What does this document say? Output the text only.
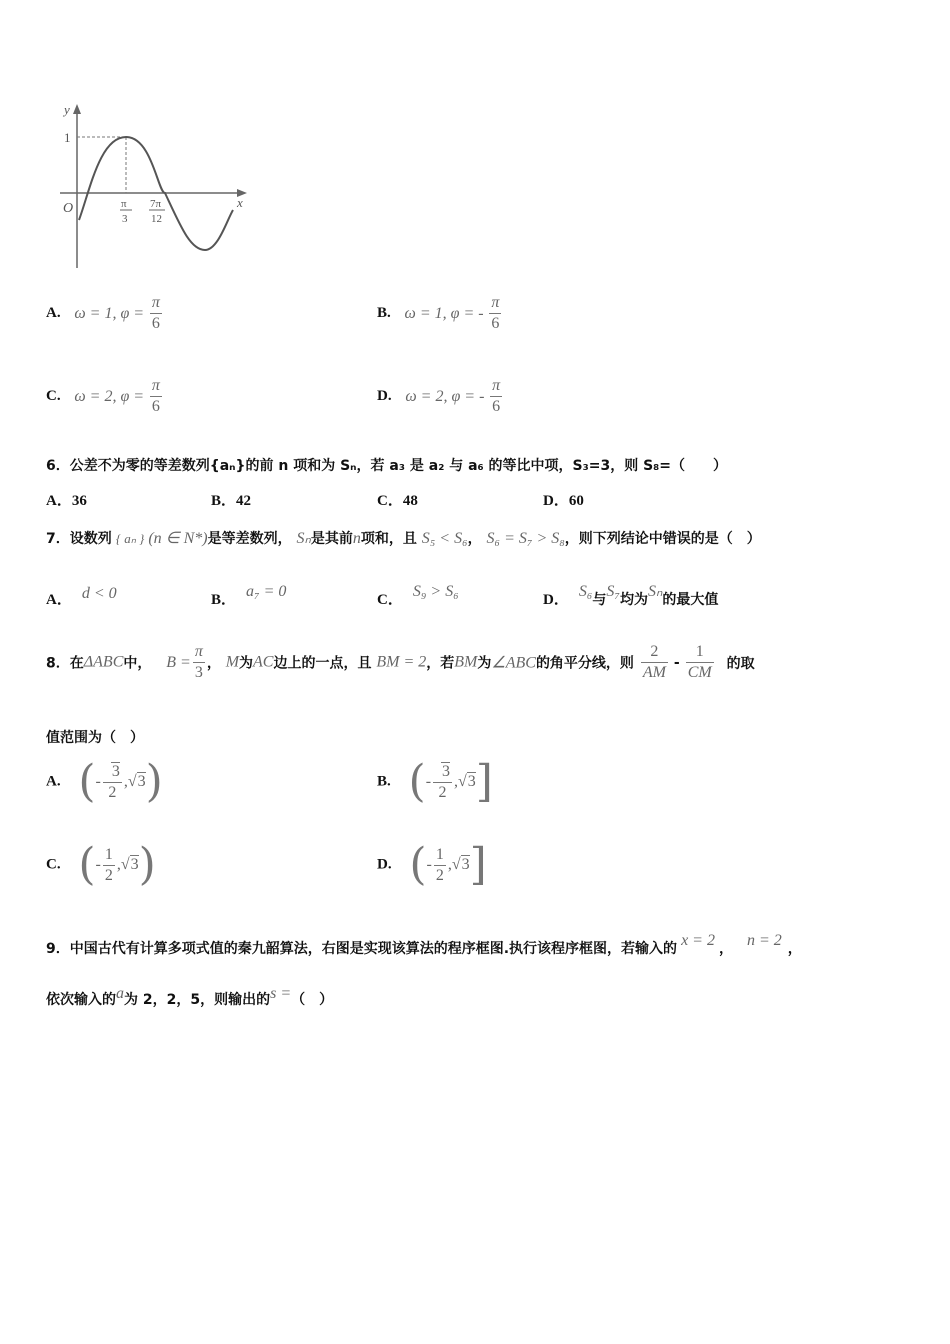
y
x
O
1
π
3
7π
12
A. ω = 1, $\varphi = \frac{\pi}{6}$	B. ω = 1, φ = - $\frac{\pi}{6}$
C. ω = 2, $\varphi = \frac{\pi}{6}$	D. ω = 2, φ = - $\frac{\pi}{6}$
6．公差不为零的等差数列{aₙ}的前 n 项和为 Sₙ，若 a₃ 是 a₂ 与 a₆ 的等比中项，S₃=3，则 S₈=（　　）
A．36	B．42	C．48	D．60
7．设数列 { aₙ } (n ∈ N*)是等差数列， Sₙ是其前n项和，且 S₅ < S₆， S₆ = S₇ > S₈，则下列结论中错误的是（　）
A． d < 0	B． a₇ = 0	C． S₉ > S₆	D． S₆与S₇均为Sₙ的最大值
8．在ΔABC中， $B = \frac{\pi}{3}$ ， M为AC边上的一点，且 BM = 2，若BM为∠ABC的角平分线，则 $\frac{2}{AM} - \frac{1}{CM}$ 的取
值范围为（　）
A. (- $\frac{3}{2} ,√3$)	B. (- $\frac{3}{2} ,√3$]
C. (- $\frac{1}{2} ,√3$)	D. (- $\frac{1}{2} ,√3$]
9．中国古代有计算多项式值的秦九韶算法，右图是实现该算法的程序框图.执行该程序框图，若输入的 x = 2 ， n = 2 ，
依次输入的a为 2，2，5，则输出的s =（　）
